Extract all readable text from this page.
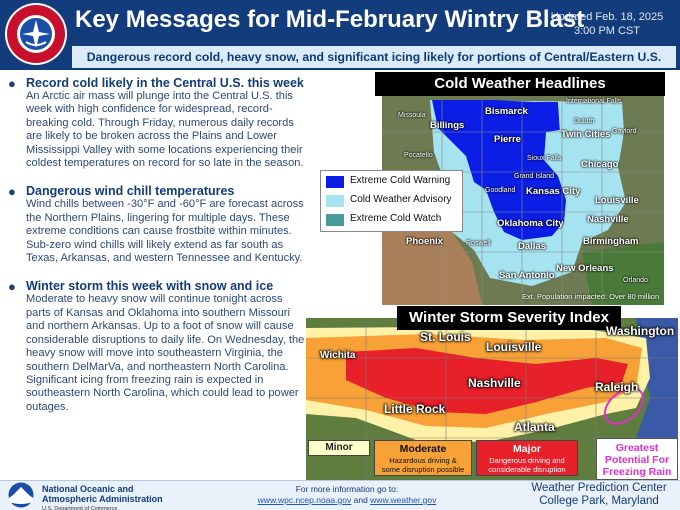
Key Messages for Mid-February Wintry Blast
Updated Feb. 18, 2025
3:00 PM CST
Dangerous record cold, heavy snow, and significant icing likely for portions of Central/Eastern U.S.
● Record cold likely in the Central U.S. this week
An Arctic air mass will plunge into the Central U.S. this week with high confidence for widespread, record-breaking cold. Through Friday, numerous daily records are likely to be broken across the Plains and Lower Mississippi Valley with some locations experiencing their coldest temperatures on record for so late in the season.
● Dangerous wind chill temperatures
Wind chills between -30°F and -60°F are forecast across the Northern Plains, lingering for multiple days. These extreme conditions can cause frostbite within minutes. Sub-zero wind chills will likely extend as far south as Texas, Arkansas, and western Tennessee and Kentucky.
● Winter storm this week with snow and ice
Moderate to heavy snow will continue tonight across parts of Kansas and Oklahoma into southern Missouri and northern Arkansas. Up to a foot of snow will cause considerable disruptions to daily life. On Wednesday, the heavy snow will move into southeastern Virginia, the southern DelMarVa, and northeastern North Carolina. Significant icing from freezing rain is expected in southeastern North Carolina, which could lead to power outages.
Cold Weather Headlines
Bismarck
Billings
Pierre	Twin Cities
Chicago
Kansas City
Louisville
Nashville
Oklahoma City
Dallas
Phoenix	Birmingham
San Antonio
New Orleans
Missoula
International Falls
Duluth
Gaylord
Pocatello	Sioux Falls
Grand Island
Goodland
Roswell
Orlando
Ext. Population impacted: Over 80 million
Extreme Cold Warning
Cold Weather Advisory
Extreme Cold Watch
Winter Storm Severity Index
St. Louis
Louisville
Washington
Wichita
Nashville	Raleigh
Little Rock
Atlanta
Minor	Moderate
Hazardous driving &
some disruption possible
Major
Dangerous driving and
considerable disruption
Greatest
Potential For
Freezing Rain
National Oceanic and
Atmospheric Administration
U.S. Department of Commerce
For more information go to:
www.wpc.ncep.noaa.gov and www.weather.gov
Weather Prediction Center
College Park, Maryland
